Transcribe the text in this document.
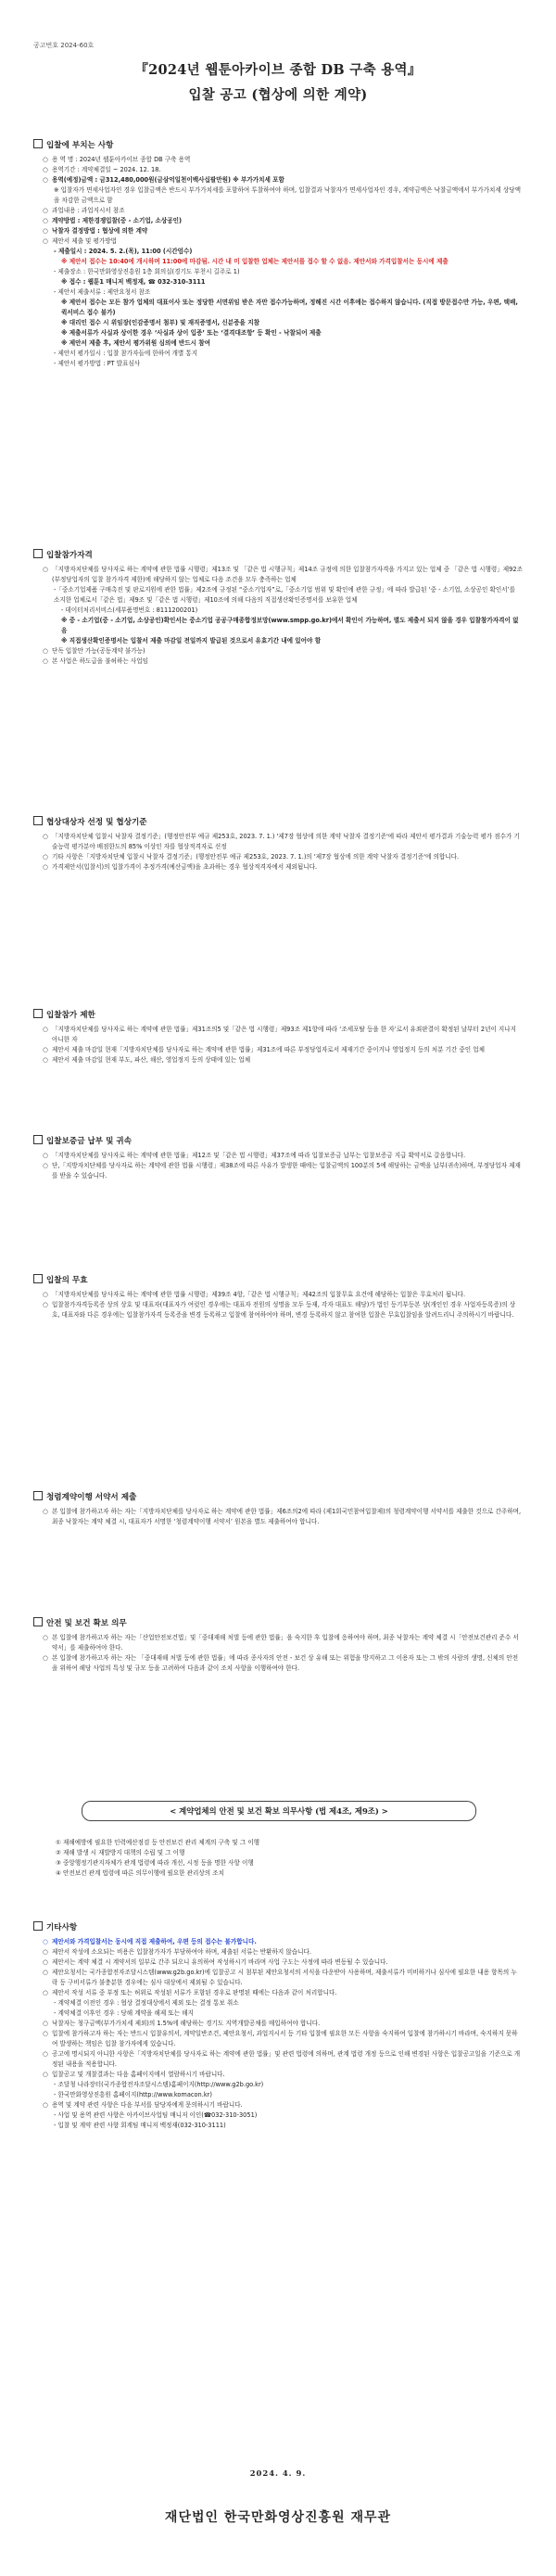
공고번호 2024-60호
『2024년 웹툰아카이브 종합 DB 구축 용역』
입찰 공고 (협상에 의한 계약)
입찰에 부치는 사항
○ 용 역 명 : 2024년 웹툰아카이브 종합 DB 구축 용역
○ 용역기간 : 계약체결일 ~ 2024. 12. 18.
○ 용역(예정)금액 : 금312,480,000원(금삼억일천이백사십팔만원) ※ 부가가치세 포함
※ 입찰자가 면세사업자인 경우 입찰금액은 반드시 부가가치세를 포함하여 투찰하여야 하며, 입찰결과 낙찰자가 면세사업자인 경우, 계약금액은 낙찰금액에서 부가가치세 상당액을 차감한 금액으로 함
○ 과업내용 : 과업지시서 참조
○ 계약방법 : 제한경쟁입찰(중 - 소기업, 소상공인)
○ 낙찰자 결정방법 : 협상에 의한 계약
○ 제안서 제출 및 평가방법
- 제출일시 : 2024. 5. 2.(목), 11:00 (시간엄수)
※ 제안서 접수는 10:40에 개시하며 11:00에 마감됨. 시간 내 미 입찰한 업체는 제안서를 접수 할 수 없음. 제안서와 가격입찰서는 동시에 제출
- 제출장소 : 한국만화영상진흥원 1층 회의실(경기도 부천시 길주로 1)
※ 접수 : 웹툰1 매니저 백정재, ☎ 032-310-3111
- 제안서 제출서류 : 제안요청서 참조
※ 제안서 접수는 모든 참가 업체의 대표이사 또는 정당한 서면위임 받은 자만 접수가능하며, 정해진 시간 이후에는 접수하지 않습니다. (직접 방문접수만 가능, 우편, 택배, 퀵서비스 접수 불가)
※ 대리인 접수 시 위임장(인감증명서 첨부) 및 재직증명서, 신분증을 지참
※ 제출서류가 사실과 상이한 경우 ‘사실과 상이 입증’ 또는 ‘결격대조항’ 등 확인 - 낙찰되어 제출
※ 제안서 제출 후, 제안서 평가위원 심의에 반드시 참여
- 제안서 평가일시 : 입찰 참가자들에 한하여 개별 통지
- 제안서 평가방법 : PT 발표심사
입찰참가자격
○ 「지방자치단체를 당사자로 하는 계약에 관한 법률 시행령」제13조 및 「같은 법 시행규칙」제14조 규정에 의한 입찰참가자격을 가지고 있는 업체 중 「같은 법 시행령」제92조(부정당업자의 입찰 참가자격 제한)에 해당하지 않는 업체로 다음 조건을 모두 충족하는 업체
-「중소기업제품 구매촉진 및 판로지원에 관한 법률」제2조에 규정된 “중소기업자”로,「중소기업 범위 및 확인에 관한 규정」에 따라 발급된 ‘중 - 소기업, 소상공인 확인서’를 소지한 업체로서「같은 법」제9조 및「같은 법 시행령」제10조에 의해 다음의 직접생산확인증명서를 보유한 업체
- 데이터처리서비스(세부품명번호 : 8111200201)
※ 중 - 소기업(중 - 소기업, 소상공인)확인서는 중소기업 공공구매종합정보망(www.smpp.go.kr)에서 확인이 가능하며, 별도 제출서 되지 않을 경우 입찰참가자격이 없음
※ 직접생산확인증명서는 입찰서 제출 마감일 전일까지 발급된 것으로서 유효기간 내에 있어야 함
○ 단독 입찰만 가능(공동계약 불가능)
○ 본 사업은 하도급을 불허하는 사업임
협상대상자 선정 및 협상기준
○ 「지방자치단체 입찰시 낙찰자 결정기준」(행정안전부 예규 제253호, 2023. 7. 1.) '제7장 협상에 의한 계약 낙찰자 결정기준'에 따라 제안서 평가결과 기술능력 평가 점수가 기술능력 평가분야 배점한도의 85% 이상인 자를 협상적격자로 선정
○ 기타 사항은「지방자치단체 입찰시 낙찰자 결정기준」(행정안전부 예규 제253호, 2023. 7. 1.)의 '제7장 협상에 의한 계약 낙찰자 결정기준'에 의합니다.
○ 가격제안서(입찰서)의 입찰가격이 추정가격(예산금액)을 초과하는 경우 협상적격자에서 제외됩니다.
입찰참가 제한
○ 「지방자치단체를 당사자로 하는 계약에 관한 법률」제31조의5 및「같은 법 시행령」제93조 제1항에 따라 ‘조세포탈 등을 한 자’로서 유죄판결이 확정된 날부터 2년이 지나지 아니한 자
○ 제안서 제출 마감일 현재「지방자치단체를 당사자로 하는 계약에 관한 법률」제31조에 따른 부정당업자로서 제재기간 중이거나 영업정지 등의 처분 기간 중인 업체
○ 제안서 제출 마감일 현재 부도, 파산, 해산, 영업정지 등의 상태에 있는 업체
입찰보증금 납부 및 귀속
○ 「지방자치단체를 당사자로 하는 계약에 관한 법률」제12조 및「같은 법 시행령」제37조에 따라 입찰보증금 납부는 입찰보증금 지급 확약서로 갈음합니다.
○ 단,「지방자치단체를 당사자로 하는 계약에 관한 법률 시행령」제38조에 따른 사유가 발생한 때에는 입찰금액의 100분의 5에 해당하는 금액을 납부(귀속)하며, 부정당업자 제재를 받을 수 있습니다.
입찰의 무효
○ 「지방자치단체를 당사자로 하는 계약에 관한 법률 시행령」제39조 4항,「같은 법 시행규칙」제42조의 입찰무효 요건에 해당하는 입찰은 무효처리 됩니다.
○ 입찰참가자격등록증 상의 상호 및 대표자(대표자가 여럿인 경우에는 대표자 전원의 성명을 모두 등재, 각자 대표도 해당)가 법인 등기부등본 상(개인인 경우 사업자등록증)의 상호, 대표자와 다른 경우에는 입찰참가자격 등록증을 변경 등록하고 입찰에 참여하여야 하며, 변경 등록하지 않고 참여한 입찰은 무효입찰임을 알려드리니 주의하시기 바랍니다.
청렴계약이행 서약서 제출
○ 본 입찰에 참가하고자 하는 자는「지방자치단체를 당사자로 하는 계약에 관한 법률」제6조의2에 따라 (제1회국민참여입찰제)의 청렴계약이행 서약서를 제출한 것으로 간주하며, 최종 낙찰자는 계약 체결 시, 대표자가 서명한 ‘청렴계약이행 서약서’ 원본을 별도 제출하여야 합니다.
안전 및 보건 확보 의무
○ 본 입찰에 참가하고자 하는 자는「산업안전보건법」및「중대재해 처벌 등에 관한 법률」을 숙지한 후 입찰에 응하여야 하며, 최종 낙찰자는 계약 체결 시「안전보건관리 준수 서약서」를 제출하여야 한다.
○ 본 입찰에 참가하고자 하는 자는 「중대재해 처벌 등에 관한 법률」에 따라 종사자의 안전 - 보건 상 유해 또는 위험을 방지하고 그 이용자 또는 그 밖의 사람의 생명, 신체의 안전을 위하여 해당 사업의 특성 및 규모 등을 고려하여 다음과 같이 조치 사항을 이행하여야 한다.
< 계약업체의 안전 및 보건 확보 의무사항 (법 제4조, 제9조) >
① 재해예방에 필요한 인력예산점검 등 안전보건 관리 체계의 구축 및 그 이행
② 재해 발생 시 재발방지 대책의 수립 및 그 이행
③ 중앙행정기관지자체가 관계 법령에 따라 개선, 시정 등을 명한 사항 이행
④ 안전보건 관계 법령에 따른 의무이행에 필요한 관리상의 조치
기타사항
○ 제안서와 가격입찰서는 동시에 직접 제출하여, 우편 등의 접수는 불가합니다.
○ 제안서 작성에 소요되는 비용은 입찰참가자가 부담하여야 하며, 제출된 서류는 반환하지 않습니다.
○ 제안서는 계약 체결 시 계약서의 일부로 간주 되오니 유의하여 작성하시기 바라며 사업 구도는 사정에 따라 변동될 수 있습니다.
○ 제안요청서는 국가종합전자조달시스템(www.g2b.go.kr)에 입찰공고 시 첨부된 제안요청서의 서식을 다운받아 사용하며, 제출서류가 미비하거나 심사에 필요한 내용 항목의 누락 등 구비서류가 불충분한 경우에는 심사 대상에서 제외될 수 있습니다.
○ 제안서 작성 서류 중 부정 또는 허위로 작성된 서류가 포함된 경우로 판명된 때에는 다음과 같이 처리합니다.
- 계약체결 이전인 경우 : 협상 결정대상에서 제외 또는 결정 통보 취소
- 계약체결 이후인 경우 : 당해 계약을 해제 또는 해지
○ 낙찰자는 청구금액(부가가치세 제외)의 1.5%에 해당하는 경기도 지역개발공채를 매입하여야 합니다.
○ 입찰에 참가하고자 하는 자는 반드시 입찰유의서, 계약일반조건, 제안요청서, 과업지시서 등 기타 입찰에 필요한 모든 사항을 숙지하여 입찰에 참가하시기 바라며, 숙지하지 못하여 발생하는 책임은 입찰 참가자에게 있습니다.
○ 공고에 명시되지 아니한 사항은「지방자치단체를 당사자로 하는 계약에 관한 법률」및 관련 법령에 의하며, 관계 법령 개정 등으로 인해 변경된 사항은 입찰공고일을 기준으로 개정된 내용을 적용합니다.
○ 입찰공고 및 개찰결과는 다음 홈페이지에서 열람하시기 바랍니다.
- 조달청 나라장터(국가종합전자조달시스템)홈페이지(http://www.g2b.go.kr)
- 한국만화영상진흥원 홈페이지(http://www.komacon.kr)
○ 용역 및 계약 관련 사항은 다음 부서를 담당자에게 문의하시기 바랍니다.
- 사업 및 용역 관련 사항은 아카이브사업팀 매니저 이인(☎032-310-3051)
- 입찰 및 계약 관련 사항 회계팀 매니저 백정재(032-310-3111)
2024. 4. 9.
재단법인 한국만화영상진흥원 재무관
